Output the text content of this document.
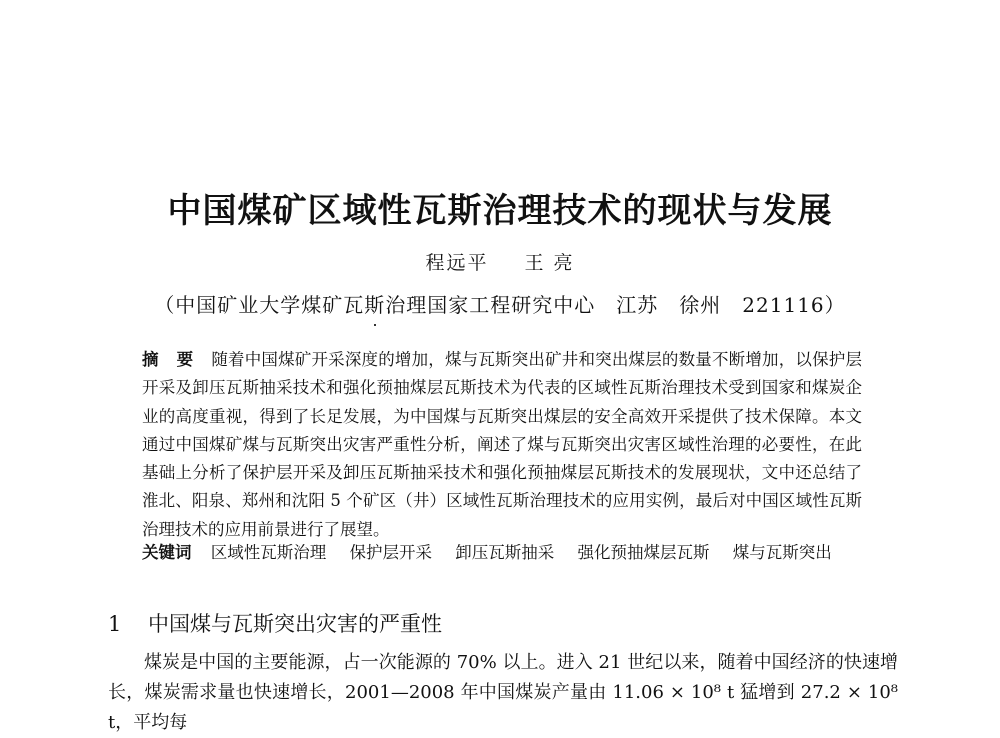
中国煤矿区域性瓦斯治理技术的现状与发展
程远平 王 亮
（中国矿业大学煤矿瓦斯治理国家工程研究中心　江苏　徐州　221116）
摘 要 随着中国煤矿开采深度的增加，煤与瓦斯突出矿井和突出煤层的数量不断增加，以保护层开采及卸压瓦斯抽采技术和强化预抽煤层瓦斯技术为代表的区域性瓦斯治理技术受到国家和煤炭企业的高度重视，得到了长足发展，为中国煤与瓦斯突出煤层的安全高效开采提供了技术保障。本文通过中国煤矿煤与瓦斯突出灾害严重性分析，阐述了煤与瓦斯突出灾害区域性治理的必要性，在此基础上分析了保护层开采及卸压瓦斯抽采技术和强化预抽煤层瓦斯技术的发展现状，文中还总结了淮北、阳泉、郑州和沈阳 5 个矿区（井）区域性瓦斯治理技术的应用实例，最后对中国区域性瓦斯治理技术的应用前景进行了展望。
关键词 区域性瓦斯治理 保护层开采 卸压瓦斯抽采 强化预抽煤层瓦斯 煤与瓦斯突出
1 中国煤与瓦斯突出灾害的严重性
煤炭是中国的主要能源，占一次能源的 70% 以上。进入 21 世纪以来，随着中国经济的快速增长，煤炭需求量也快速增长，2001—2008 年中国煤炭产量由 11.06 × 10⁸ t 猛增到 27.2 × 10⁸ t，平均每
